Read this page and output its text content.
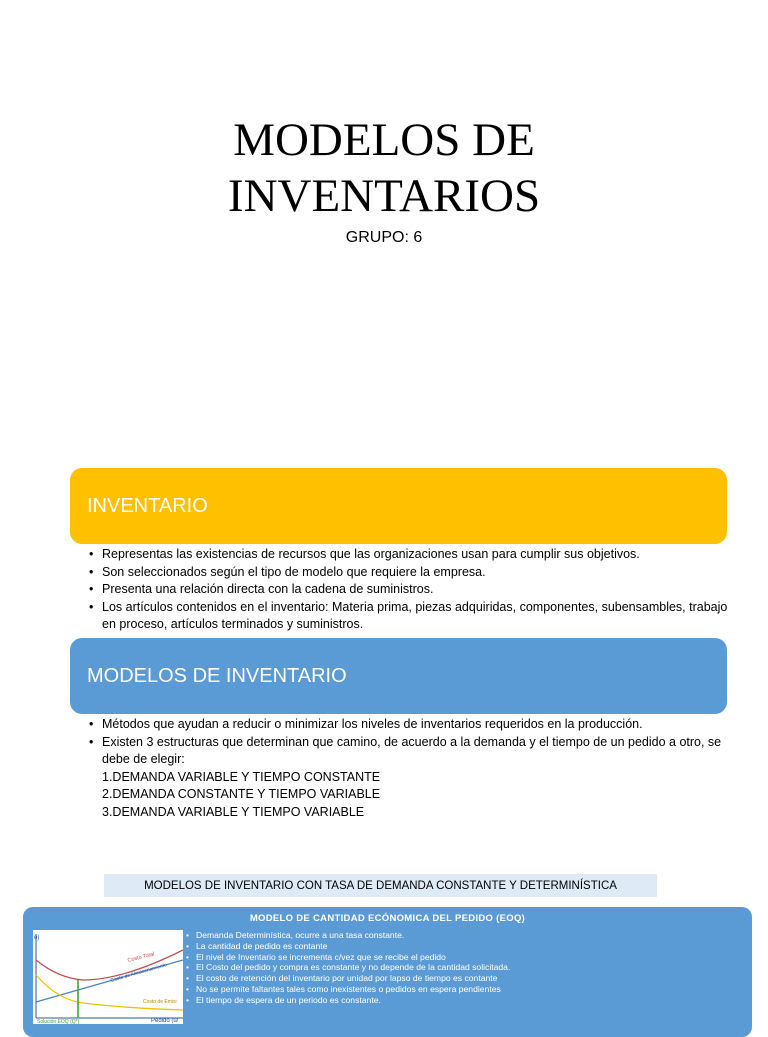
MODELOS DE
INVENTARIOS
GRUPO: 6
INVENTARIO
• Representas las existencias de recursos que las organizaciones usan para cumplir sus objetivos.
• Son seleccionados según el tipo de modelo que requiere la empresa.
• Presenta una relación directa con la cadena de suministros.
• Los artículos contenidos en el inventario: Materia prima, piezas adquiridas, componentes, subensambles, trabajo en proceso, artículos terminados y suministros.
MODELOS DE INVENTARIO
• Métodos que ayudan a reducir o minimizar los niveles de inventarios requeridos en la producción.
• Existen 3 estructuras que determinan que camino, de acuerdo a la demanda y el tiempo de un pedido a otro, se debe de elegir:
1.DEMANDA VARIABLE Y TIEMPO CONSTANTE
2.DEMANDA CONSTANTE Y TIEMPO VARIABLE
3.DEMANDA VARIABLE Y TIEMPO VARIABLE
MODELOS DE INVENTARIO CON TASA DE DEMANDA CONSTANTE Y DETERMINÍSTICA
MODELO DE CANTIDAD ECÓNOMICA DEL PEDIDO (EOQ)
o)
Costo Total
Costo de Almacenamiento
Costo de Emisi
Solución EOQ (Q*)	Pedido (u/
• Demanda Determinística, ocurre a una tasa constante.
• La cantidad de pedido es contante
• El nivel de Inventario se incrementa c/vez que se recibe el pedido
• El Costo del pedido y compra es constante y no depende de la cantidad solicitada.
• El costo de retención del inventario por unidad por lapso de tiempo es contante
• No se permite faltantes tales como inexistentes o pedidos en espera pendientes
• El tiempo de espera de un periodo es constante.
